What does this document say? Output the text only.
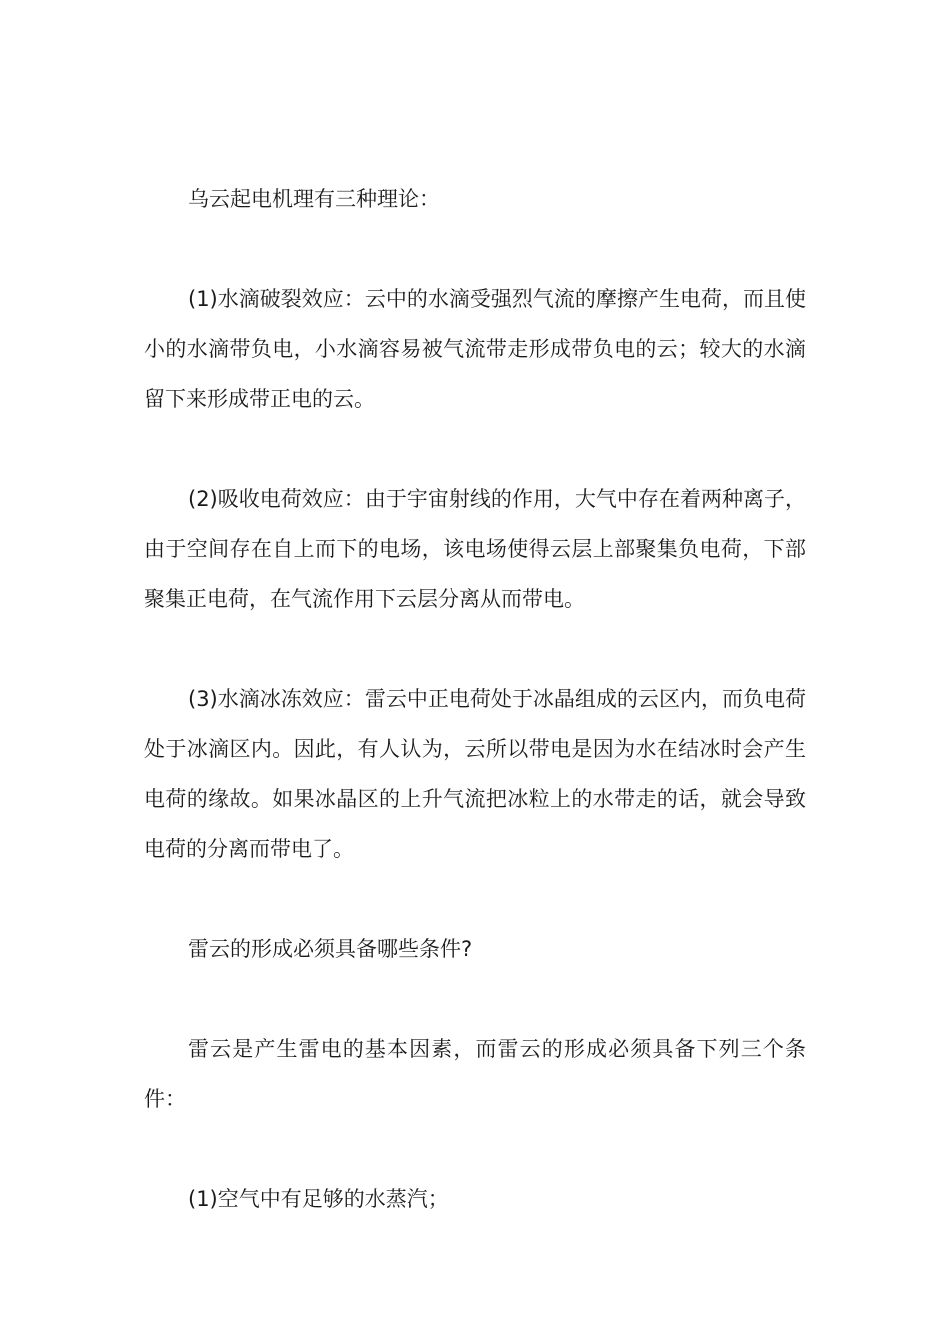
乌云起电机理有三种理论：

(1)水滴破裂效应：云中的水滴受强烈气流的摩擦产生电荷，而且使小的水滴带负电，小水滴容易被气流带走形成带负电的云；较大的水滴留下来形成带正电的云。

(2)吸收电荷效应：由于宇宙射线的作用，大气中存在着两种离子，由于空间存在自上而下的电场，该电场使得云层上部聚集负电荷，下部聚集正电荷，在气流作用下云层分离从而带电。

(3)水滴冰冻效应：雷云中正电荷处于冰晶组成的云区内，而负电荷处于冰滴区内。因此，有人认为，云所以带电是因为水在结冰时会产生电荷的缘故。如果冰晶区的上升气流把冰粒上的水带走的话，就会导致电荷的分离而带电了。

雷云的形成必须具备哪些条件?

雷云是产生雷电的基本因素，而雷云的形成必须具备下列三个条件：

(1)空气中有足够的水蒸汽；
